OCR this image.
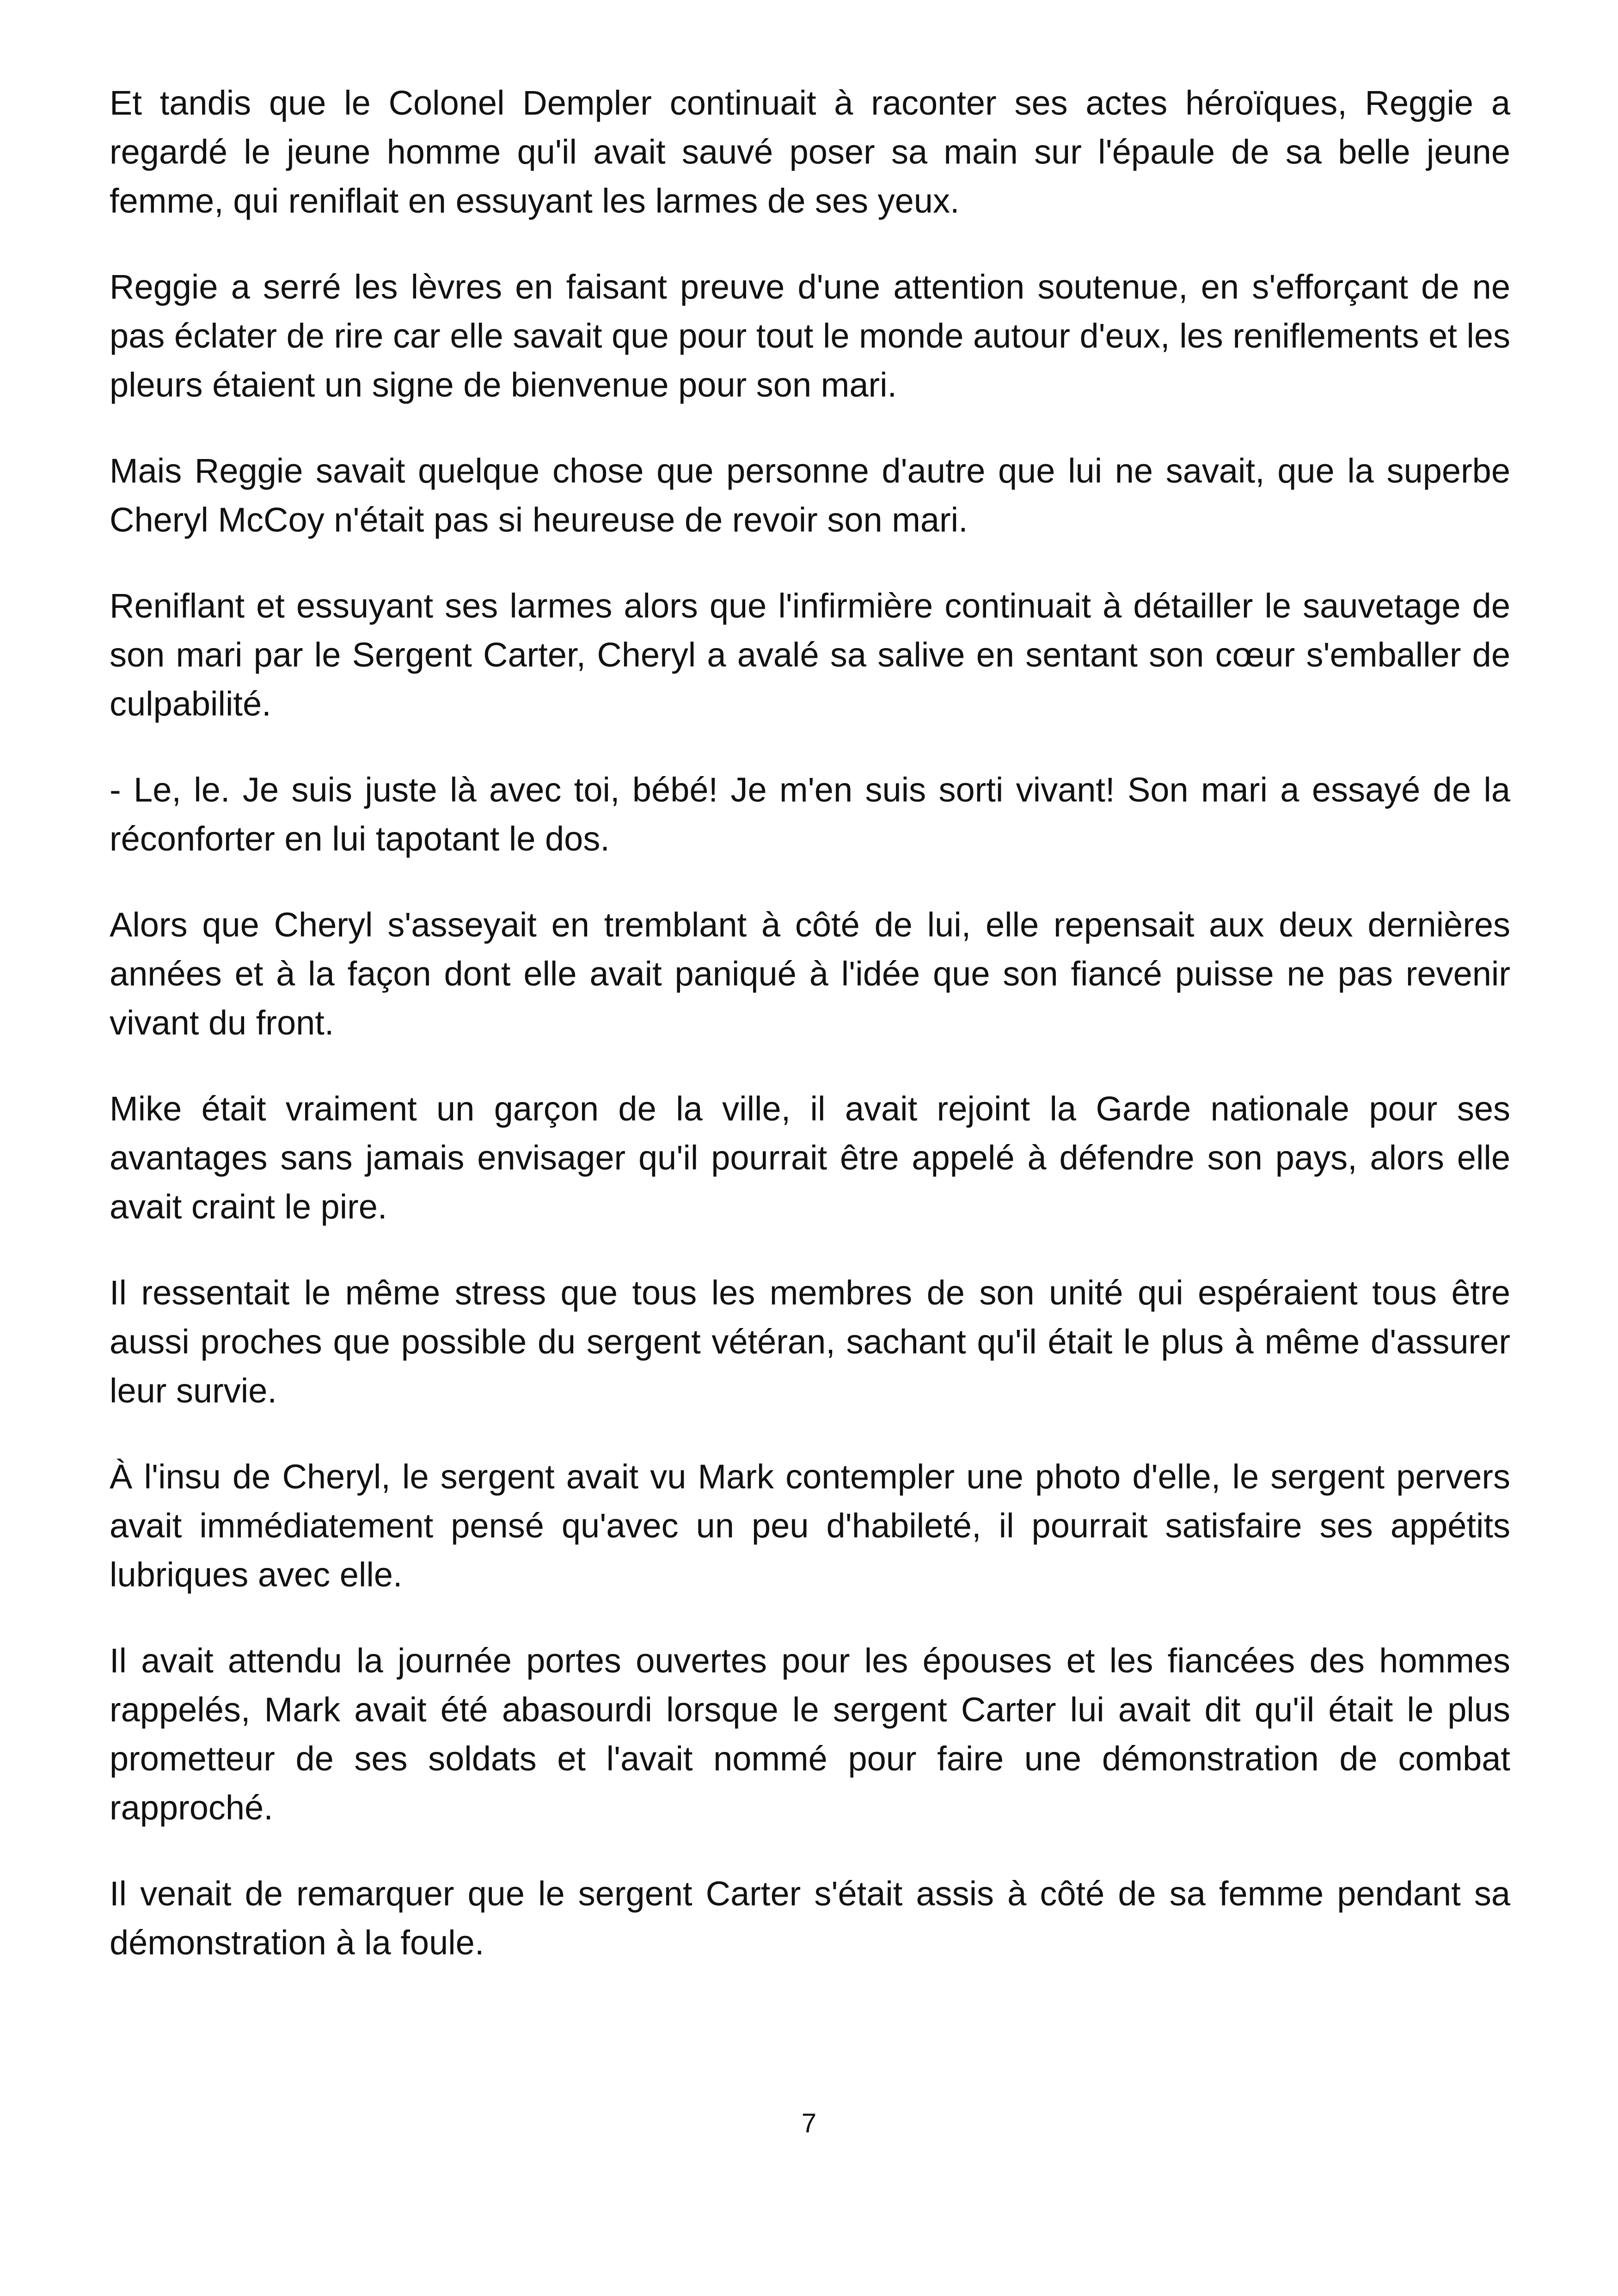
Et tandis que le Colonel Dempler continuait à raconter ses actes héroïques, Reggie a regardé le jeune homme qu'il avait sauvé poser sa main sur l'épaule de sa belle jeune femme, qui reniflait en essuyant les larmes de ses yeux.

Reggie a serré les lèvres en faisant preuve d'une attention soutenue, en s'efforçant de ne pas éclater de rire car elle savait que pour tout le monde autour d'eux, les reniflements et les pleurs étaient un signe de bienvenue pour son mari.

Mais Reggie savait quelque chose que personne d'autre que lui ne savait, que la superbe Cheryl McCoy n'était pas si heureuse de revoir son mari.

Reniflant et essuyant ses larmes alors que l'infirmière continuait à détailler le sauvetage de son mari par le Sergent Carter, Cheryl a avalé sa salive en sentant son cœur s'emballer de culpabilité.

- Le, le. Je suis juste là avec toi, bébé! Je m'en suis sorti vivant! Son mari a essayé de la réconforter en lui tapotant le dos.

Alors que Cheryl s'asseyait en tremblant à côté de lui, elle repensait aux deux dernières années et à la façon dont elle avait paniqué à l'idée que son fiancé puisse ne pas revenir vivant du front.

Mike était vraiment un garçon de la ville, il avait rejoint la Garde nationale pour ses avantages sans jamais envisager qu'il pourrait être appelé à défendre son pays, alors elle avait craint le pire.

Il ressentait le même stress que tous les membres de son unité qui espéraient tous être aussi proches que possible du sergent vétéran, sachant qu'il était le plus à même d'assurer leur survie.

À l'insu de Cheryl, le sergent avait vu Mark contempler une photo d'elle, le sergent pervers avait immédiatement pensé qu'avec un peu d'habileté, il pourrait satisfaire ses appétits lubriques avec elle.

Il avait attendu la journée portes ouvertes pour les épouses et les fiancées des hommes rappelés, Mark avait été abasourdi lorsque le sergent Carter lui avait dit qu'il était le plus prometteur de ses soldats et l'avait nommé pour faire une démonstration de combat rapproché.

Il venait de remarquer que le sergent Carter s'était assis à côté de sa femme pendant sa démonstration à la foule.

7
